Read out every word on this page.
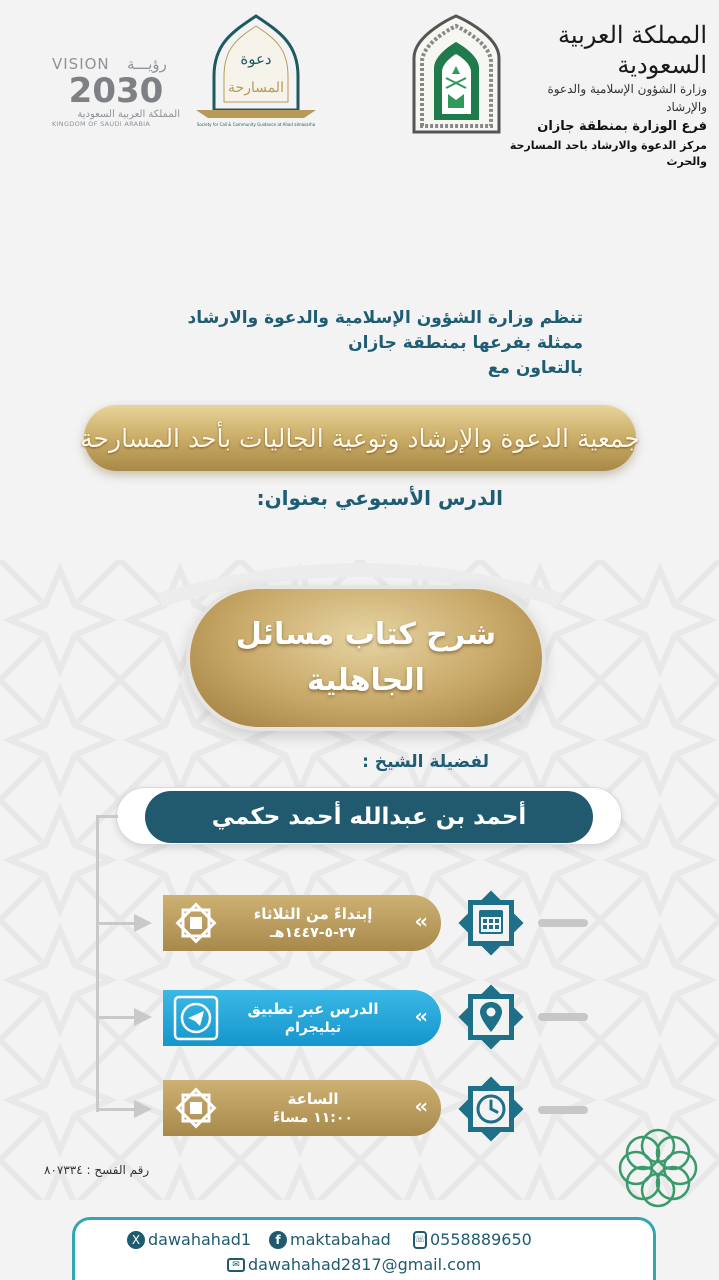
VISION رؤيـــة
2030
المملكة العربية السعودية
KINGDOM OF SAUDI ARABIA
دعوة
المسارحة
Society for Call & Community Guidance at Ahad almasarha
المملكة العربية السعودية
وزارة الشؤون الإسلامية والدعوة والإرشاد
فرع الوزارة بمنطقة جازان
مركز الدعوة والارشاد باحد المسارحة والحرث
تنظم وزارة الشؤون الإسلامية والدعوة والارشاد
ممثلة بفرعها بمنطقة جازان
بالتعاون مع
جمعية الدعوة والإرشاد وتوعية الجاليات بأحد المسارحة
الدرس الأسبوعي بعنوان:
شرح كتاب مسائل
الجاهلية
لفضيلة الشيخ :
أحمد بن عبدالله أحمد حكمي
إبتداءً من الثلاثاء
٢٧-٥-١٤٤٧هـ	‹‹
الدرس عبر تطبيق
تيليجرام	‹‹
الساعة
١١:٠٠ مساءً	‹‹
رقم الفسح : ٨٠٧٣٣٤
X dawahahad1	f maktabahad	☏ 0558889650
✉ dawahahad2817@gmail.com
